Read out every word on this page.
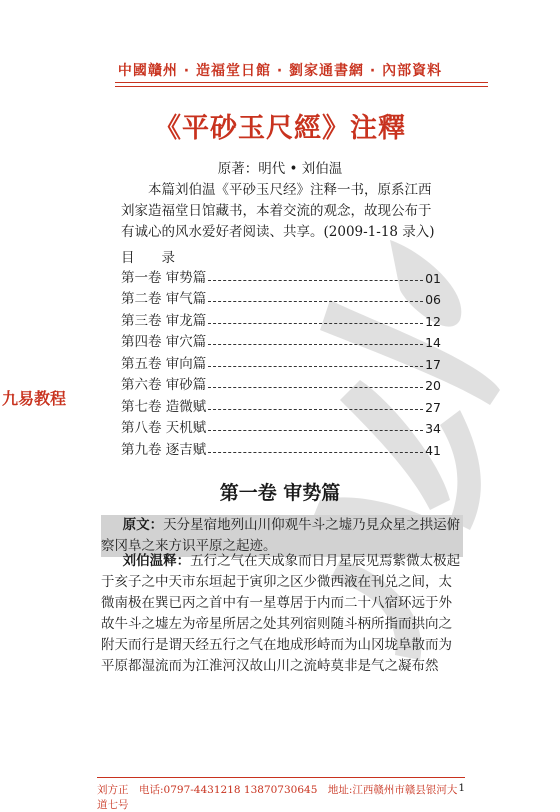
中國贛州 · 造福堂日館 · 劉家通書網 · 內部資料
《平砂玉尺經》注釋
原著：明代 • 刘伯温
本篇刘伯温《平砂玉尺经》注释一书，原系江西刘家造福堂日馆藏书，本着交流的观念，故现公布于有诚心的风水爱好者阅读、共享。(2009-1-18 录入)
目　　录
第一卷 审势篇	01
第二卷 审气篇	06
第三卷 审龙篇	12
第四卷 审穴篇	14
第五卷 审向篇	17
第六卷 审砂篇	20
第七卷 造微赋	27
第八卷 天机赋	34
第九卷 逐吉赋	41
九易教程
第一卷 审势篇
原文：天分星宿地列山川仰观牛斗之墟乃見众星之拱运俯察冈阜之来方识平原之起迹。
刘伯温释：五行之气在天成象而日月星辰见焉紫微太极起于亥子之中天市东垣起于寅卯之区少微西液在刊兑之间，太微南极在巽已丙之首中有一星尊居于内而二十八宿环远于外故牛斗之墟左为帝星所居之处其列宿则随斗柄所指而拱向之附天而行是谓天经五行之气在地成形峙而为山冈垅阜散而为平原都湿流而为江淮河汉故山川之流峙莫非是气之凝布然
刘方正　电话:0797-4431218 13870730645　地址:江西赣州市赣县银河大道七号
1
